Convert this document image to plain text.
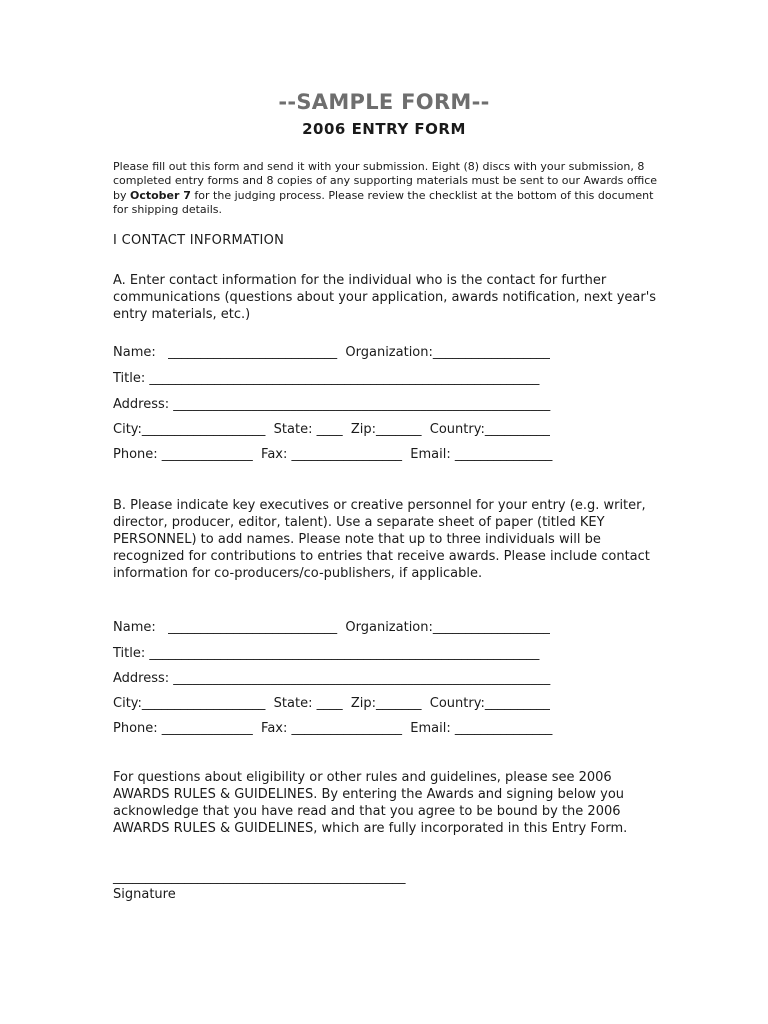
--SAMPLE FORM--
2006 ENTRY FORM

Please fill out this form and send it with your submission. Eight (8) discs with your submission, 8 completed entry forms and 8 copies of any supporting materials must be sent to our Awards office by October 7 for the judging process. Please review the checklist at the bottom of this document for shipping details.

I CONTACT INFORMATION

A. Enter contact information for the individual who is the contact for further communications (questions about your application, awards notification, next year's entry materials, etc.)

Name:   __________________________  Organization:__________________
Title: ____________________________________________________________
Address: __________________________________________________________
City:___________________  State: ____  Zip:_______  Country:__________
Phone: ______________  Fax: _________________  Email: _______________

B. Please indicate key executives or creative personnel for your entry (e.g. writer, director, producer, editor, talent). Use a separate sheet of paper (titled KEY PERSONNEL) to add names. Please note that up to three individuals will be recognized for contributions to entries that receive awards. Please include contact information for co-producers/co-publishers, if applicable.

Name:   __________________________  Organization:__________________
Title: ____________________________________________________________
Address: __________________________________________________________
City:___________________  State: ____  Zip:_______  Country:__________
Phone: ______________  Fax: _________________  Email: _______________

For questions about eligibility or other rules and guidelines, please see 2006 AWARDS RULES & GUIDELINES. By entering the Awards and signing below you acknowledge that you have read and that you agree to be bound by the 2006 AWARDS RULES & GUIDELINES, which are fully incorporated in this Entry Form.

_____________________________________________
Signature
